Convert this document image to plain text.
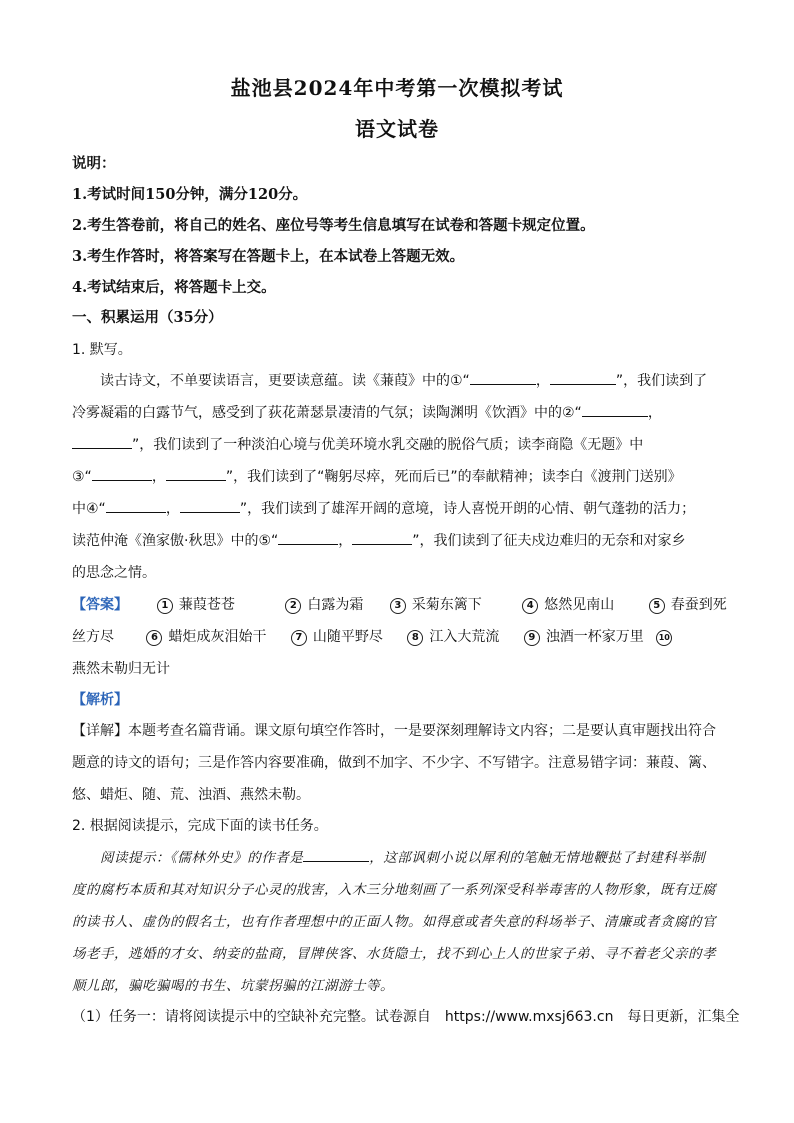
盐池县2024年中考第一次模拟考试
语文试卷
说明：
1.考试时间150分钟，满分120分。
2.考生答卷前，将自己的姓名、座位号等考生信息填写在试卷和答题卡规定位置。
3.考生作答时，将答案写在答题卡上，在本试卷上答题无效。
4.考试结束后，将答题卡上交。
一、积累运用（35分）
1. 默写。
读古诗文，不单要读语言，更要读意蕴。读《蒹葭》中的①“	，	”，我们读到了
冷雾凝霜的白露节气，感受到了荻花萧瑟景凄清的气氛；读陶渊明《饮酒》中的②“	，
”，我们读到了一种淡泊心境与优美环境水乳交融的脱俗气质；读李商隐《无题》中
③“	，	”，我们读到了“鞠躬尽瘁，死而后已”的奉献精神；读李白《渡荆门送别》
中④“	，	”，我们读到了雄浑开阔的意境，诗人喜悦开朗的心情、朝气蓬勃的活力；
读范仲淹《渔家傲·秋思》中的⑤“	，	”，我们读到了征夫戍边难归的无奈和对家乡
的思念之情。
【答案】	1 蒹葭苍苍	2 白露为霜	3 采菊东篱下	4 悠然见南山	5 春蚕到死
丝方尽	6 蜡炬成灰泪始干	7 山随平野尽	8 江入大荒流	9 浊酒一杯家万里 10
燕然未勒归无计
【解析】
【详解】本题考查名篇背诵。课文原句填空作答时，一是要深刻理解诗文内容；二是要认真审题找出符合
题意的诗文的语句；三是作答内容要准确，做到不加字、不少字、不写错字。注意易错字词：蒹葭、篱、
悠、蜡炬、随、荒、浊酒、燕然未勒。
2. 根据阅读提示，完成下面的读书任务。
阅读提示：《儒林外史》的作者是	，这部讽刺小说以犀利的笔触无情地鞭挞了封建科举制
度的腐朽本质和其对知识分子心灵的戕害，入木三分地刻画了一系列深受科举毒害的人物形象，既有迂腐
的读书人、虚伪的假名士，也有作者理想中的正面人物。如得意或者失意的科场举子、清廉或者贪腐的官
场老手，逃婚的才女、纳妾的盐商，冒牌侠客、水货隐士，找不到心上人的世家子弟、寻不着老父亲的孝
顺儿郎，骗吃骗喝的书生、坑蒙拐骗的江湖游士等。
（1）任务一：请将阅读提示中的空缺补充完整。试卷源自　https://www.mxsj663.cn　每日更新，汇集全
